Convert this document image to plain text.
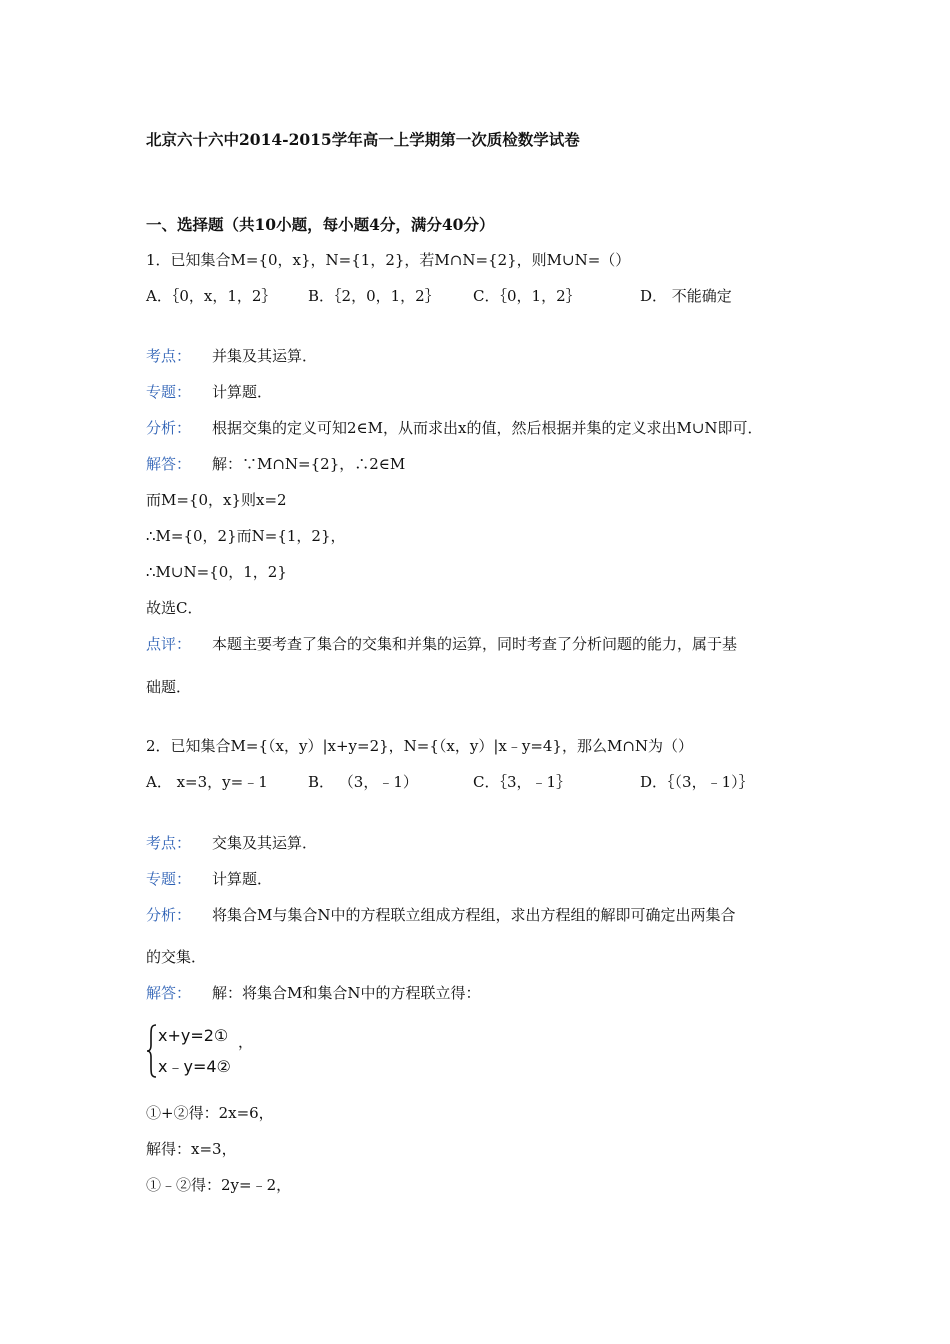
北京六十六中2014-2015学年高一上学期第一次质检数学试卷
一、选择题（共10小题，每小题4分，满分40分）
1．已知集合M={0，x}，N={1，2}，若M∩N={2}，则M∪N=（）
A．｛0，x，1，2｝ B．｛2，0，1，2｝ C．｛0，1，2｝	D． 不能确定
考点： 并集及其运算．
专题： 计算题．
分析： 根据交集的定义可知2∈M，从而求出x的值，然后根据并集的定义求出M∪N即可．
解答： 解：∵M∩N={2}，∴2∈M
而M={0，x}则x=2
∴M={0，2}而N={1，2}，
∴M∪N={0，1，2}
故选C．
点评： 本题主要考查了集合的交集和并集的运算，同时考查了分析问题的能力，属于基
础题．
2．已知集合M={（x，y）|x+y=2}，N={（x，y）|x﹣y=4}，那么M∩N为（）
A． x=3，y=﹣1	B． （3，﹣1）	C．｛3，﹣1｝	D．｛（3，﹣1）｝
考点： 交集及其运算．
专题： 计算题．
分析： 将集合M与集合N中的方程联立组成方程组，求出方程组的解即可确定出两集合
的交集．
解答： 解：将集合M和集合N中的方程联立得：
x+y=2①
x﹣y=4②
，
①+②得：2x=6，
解得：x=3，
①﹣②得：2y=﹣2，
